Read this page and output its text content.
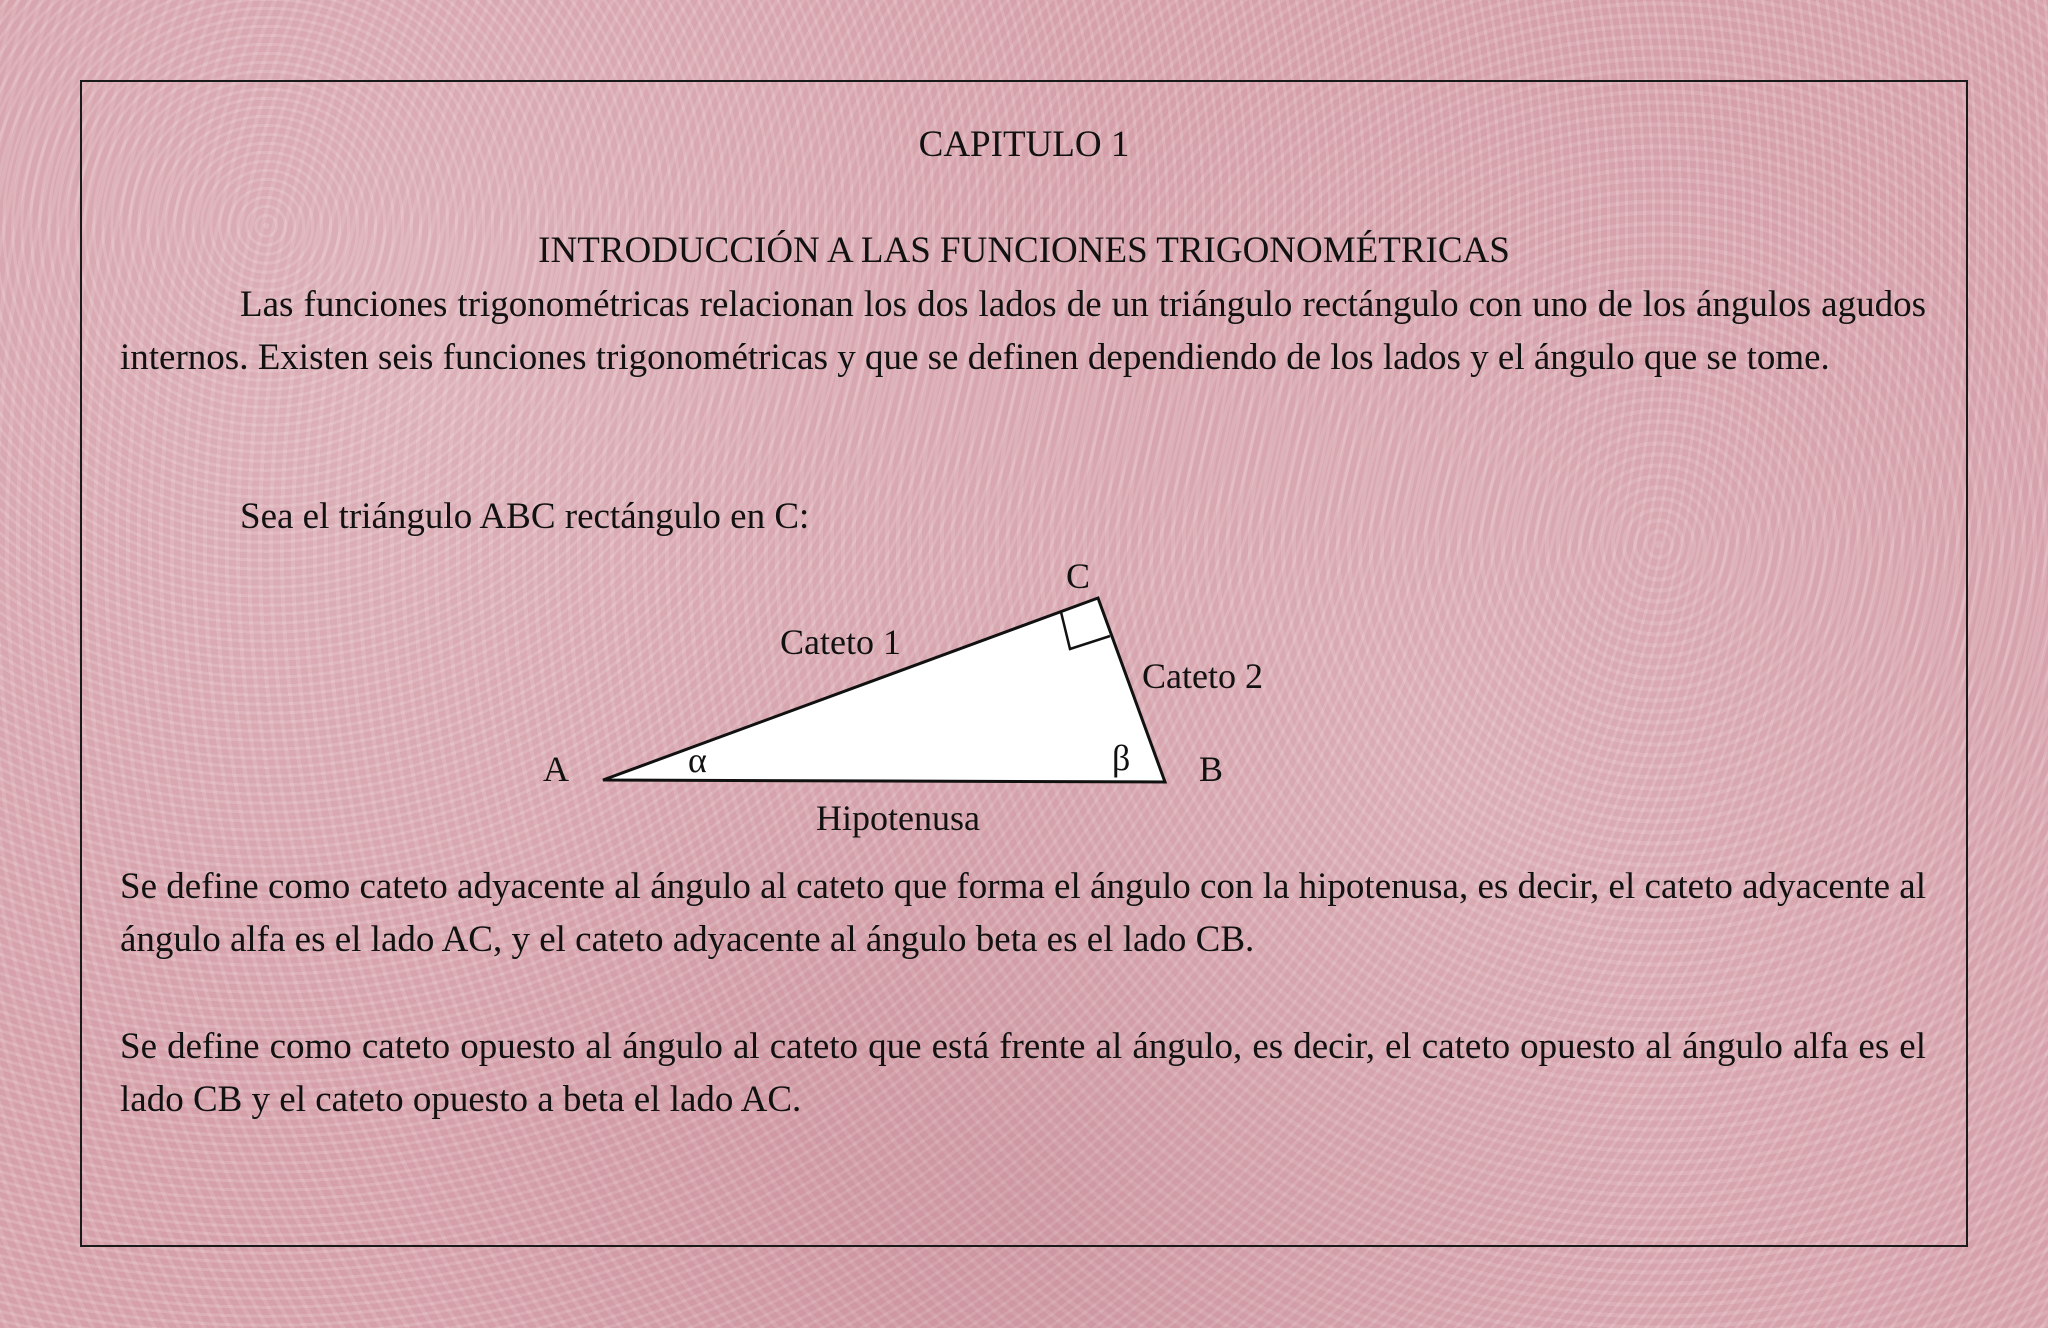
CAPITULO 1

INTRODUCCIÓN A LAS FUNCIONES TRIGONOMÉTRICAS

Las funciones trigonométricas relacionan los dos lados de un triángulo rectángulo con uno de los ángulos agudos internos. Existen seis funciones trigonométricas y que se definen dependiendo de los lados y el ángulo que se tome.

Sea el triángulo ABC rectángulo en C:

A	B
C
Cateto 1
Cateto 2
Hipotenusa
α	β

Se define como cateto adyacente al ángulo al cateto que forma el ángulo con la hipotenusa, es decir, el cateto adyacente al ángulo alfa es el lado AC, y el cateto adyacente al ángulo beta es el lado CB.

Se define como cateto opuesto al ángulo al cateto que está frente al ángulo, es decir, el cateto opuesto al ángulo alfa es el lado CB y el cateto opuesto a beta el lado AC.
